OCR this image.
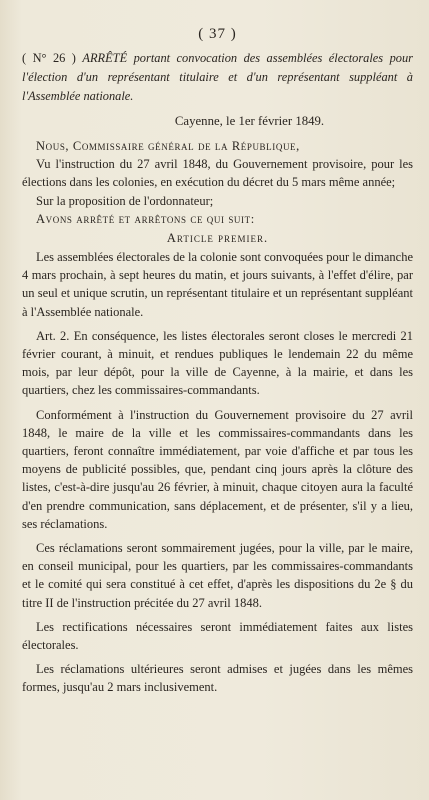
( 37 )
( N° 26 ) ARRÊTÉ portant convocation des assemblées électorales pour l'élection d'un représentant titulaire et d'un représentant suppléant à l'Assemblée nationale.
Cayenne, le 1er février 1849.

Nous, Commissaire général de la République,

Vu l'instruction du 27 avril 1848, du Gouvernement provisoire, pour les élections dans les colonies, en exécution du décret du 5 mars même année;

Sur la proposition de l'ordonnateur;

Avons arrêté et arrêtons ce qui suit:

Article premier.

Les assemblées électorales de la colonie sont convoquées pour le dimanche 4 mars prochain, à sept heures du matin, et jours suivants, à l'effet d'élire, par un seul et unique scrutin, un représentant titulaire et un représentant suppléant à l'Assemblée nationale.

Art. 2. En conséquence, les listes électorales seront closes le mercredi 21 février courant, à minuit, et rendues publiques le lendemain 22 du même mois, par leur dépôt, pour la ville de Cayenne, à la mairie, et dans les quartiers, chez les commissaires-commandants.

Conformément à l'instruction du Gouvernement provisoire du 27 avril 1848, le maire de la ville et les commissaires-commandants dans les quartiers, feront connaître immédiatement, par voie d'affiche et par tous les moyens de publicité possibles, que, pendant cinq jours après la clôture des listes, c'est-à-dire jusqu'au 26 février, à minuit, chaque citoyen aura la faculté d'en prendre communication, sans déplacement, et de présenter, s'il y a lieu, ses réclamations.

Ces réclamations seront sommairement jugées, pour la ville, par le maire, en conseil municipal, pour les quartiers, par les commissaires-commandants et le comité qui sera constitué à cet effet, d'après les dispositions du 2e § du titre II de l'instruction précitée du 27 avril 1848.

Les rectifications nécessaires seront immédiatement faites aux listes électorales.

Les réclamations ultérieures seront admises et jugées dans les mêmes formes, jusqu'au 2 mars inclusivement.
